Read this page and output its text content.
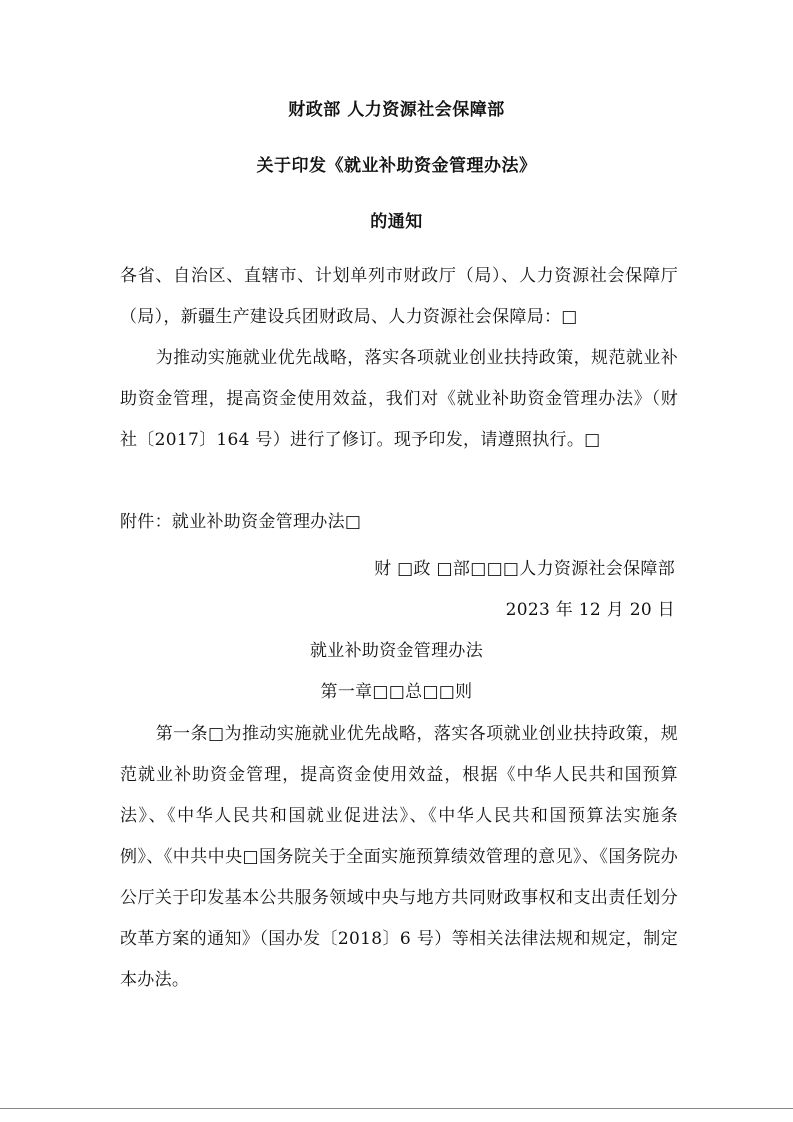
财政部 人力资源社会保障部
关于印发《就业补助资金管理办法》
的通知

各省、自治区、直辖市、计划单列市财政厅（局）、人力资源社会保障厅（局），新疆生产建设兵团财政局、人力资源社会保障局：□

为推动实施就业优先战略，落实各项就业创业扶持政策，规范就业补助资金管理，提高资金使用效益，我们对《就业补助资金管理办法》（财社〔2017〕164 号）进行了修订。现予印发，请遵照执行。□

附件：就业补助资金管理办法□

财 □政 □部□□□人力资源社会保障部
2023 年 12 月 20 日
就业补助资金管理办法
第一章□□总□□则

第一条□为推动实施就业优先战略，落实各项就业创业扶持政策，规范就业补助资金管理，提高资金使用效益，根据《中华人民共和国预算法》、《中华人民共和国就业促进法》、《中华人民共和国预算法实施条例》、《中共中央□国务院关于全面实施预算绩效管理的意见》、《国务院办公厅关于印发基本公共服务领域中央与地方共同财政事权和支出责任划分改革方案的通知》（国办发〔2018〕6 号）等相关法律法规和规定，制定本办法。
